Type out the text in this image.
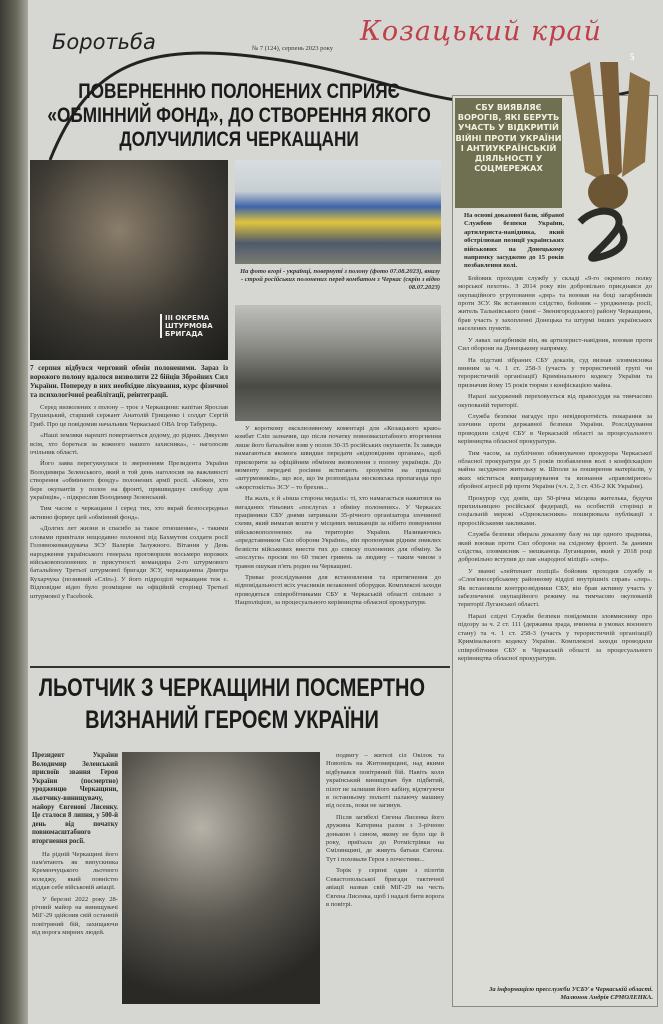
Боротьба	№ 7 (124), серпень 2023 року
Козацький край
5
ПОВЕРНЕННЮ ПОЛОНЕНИХ СПРИЯЄ «ОБМІННИЙ ФОНД», ДО СТВОРЕННЯ ЯКОГО ДОЛУЧИЛИСЯ ЧЕРКАЩАНИ
III ОКРЕМА ШТУРМОВА БРИГАДА
На фото вгорі - українці, повернуті з полону (фото 07.08.2023), внизу - строй російських полонених перед комбатом з Черкас (скрін з відео 08.07.2023)
7 серпня відбувся черговий обмін полоненими. Зараз із ворожого полону вдалося визволити 22 бійців Збройних Сил України. Попереду в них необхідне лікування, курс фізичної та психологічної реабілітації, реінтеграції.

Серед визволених з полону – троє з Черкащини: капітан Ярослав Грушецький, старший сержант Анатолій Грищенко і солдат Сергій Гриб. Про це повідомив начальник Черкаської ОВА Ігор Табурець.

«Наші земляки нарешті повертаються додому, до рідних. Дякуємо всім, хто бореться за кожного нашого захисника», - наголосив очільник області.

Його заява перегукнулася із зверненням Президента України Володимира Зеленського, який в той день наголосив на важливості створення «обмінного фонду» полонених армії росії. «Кожен, хто бере окупантів у полон на фронті, пришвидшує свободу для українців», - підкреслив Володимир Зеленський.

Тим часом є черкащани і серед тих, хто вкрай безпосередньо активно формує цей «обмінний фонд».

«Долгих лет жизни и спасибо за такое отношение», - такими словами привітали нещодавно полонені під Бахмутом солдати росії Головнокомандувача ЗСУ Валерія Залужного. Вітання у День народження українського генерала проговорили восьмеро ворожих військовополонених в присутності командира 2-го штурмового батальйону Третьої штурмової бригади ЗСУ, черкащанина Дмитра Кухарчука (позивний «Сліп»). У його підрозділі черкащани теж є. Відповідне відео було розміщене на офіційній сторінці Третьої штурмової у Facebook.

У короткому ексклюзивному коментарі для «Козацького краю» комбат Сліп зазначив, що після початку повномасштабного вторгнення лише його батальйон взяв у полон 30-35 російських окупантів. Їх завжди намагаються якомога швидше передати «відповідним органам», щоб прискорити за офіційним обміном визволення з полону українців. До моменту передачі росіяни встигають зрозуміти на прикладі «штурмовиків», що все, що їм розповідала московська пропаганда про «жорстокість» ЗСУ – то брехня...

На жаль, є й «інша сторона медалі»: ті, хто намагається нажитися на вигаданих тіньових «послугах з обміну полонених». У Черкасах працівники СБУ днями затримали 35-річного організатора злочинної схеми, який вимагав кошти у місцевих мешканців за нібито повернення військовополонених на територію України. Називаючись «представником Сил оборони України», він пропонував рідним зниклих безвісти військових внести тих до списку полонених для обміну. За «послуги» просив по 60 тисяч гривень за людину – таким чином з травня ошукав п'ять родин на Черкащині.

Триває розслідування для встановлення та притягнення до відповідальності всіх учасників незаконної оборудки. Комплексні заходи проводяться співробітниками СБУ в Черкаській області спільно з Нацполіцією, за процесуального керівництва обласної прокуратури.

ЛЬОТЧИК З ЧЕРКАЩИНИ ПОСМЕРТНО ВИЗНАНИЙ ГЕРОЄМ УКРАЇНИ
Президент України Володимир Зеленський присвоїв звання Героя України (посмертно) уродженцю Черкащини, льотчику-винищувачу, майору Євгенові Лисенку. Це сталося 8 липня, у 500-й день від початку повномасштабного вторгнення росії.

На рідній Черкащині його пам'ятають як випускника Кременчуцького льотного коледжу, який повністю віддав себе військовій авіації.

У березні 2022 року 28-річний майор на винищувачі МіГ-29 здійснив свій останній повітряний бій, захищаючи від ворога мирних людей.

подвигу – жителі сіл Окілок та Новопіль на Житомирщині, над якими відбувався повітряний бій. Навіть коли український винищувач був підбитий, пілот не залишив його кабіну, відтягуючи в останньому польоті палаючу машину від осель, поки не загинув.

Після загибелі Євгена Лисенка його дружина Катерина разом з 3-річною донькою і сином, якому не було ще й року, приїхала до Ротмістрівки на Смілянщині, де живуть батьки Євгена. Тут і поховали Героя з почестями...

Торік у серпні один з пілотів Севастопольської бригади тактичної авіації назвав свій МіГ-29 на честь Євгена Лисенка, щоб і надалі бити ворога в повітрі.

СБУ ВИЯВЛЯЄ ВОРОГІВ, ЯКІ БЕРУТЬ УЧАСТЬ У ВІДКРИТІЙ ВІЙНІ ПРОТИ УКРАЇНИ І АНТИУКРАЇНСЬКІЙ ДІЯЛЬНОСТІ У СОЦМЕРЕЖАХ
На основі доказової бази, зібраної Службою безпеки України, артилериста-навідника, який обстрілював позиції українських військових на Донецькому напрямку засуджено до 15 років позбавлення волі.

Бойовик проходив службу у складі «9-го окремого полку морської пехоти». З 2014 року він добровільно приєднався до окупаційного угруповання «днр» та воював на боці загарбників проти ЗСУ. Як встановило слідство, бойовик – уродженець росії, житель Тальнівського (нині – Звенигородського) району Черкащини, брав участь у захопленні Донецька та штурмі інших українських населених пунктів.

У лавах загарбників він, як артилерист-навідник, воював проти Сил оборони на Донецькому напрямку.

На підставі зібраних СБУ доказів, суд визнав зловмисника винним за ч. 1 ст. 258-3 (участь у терористичній групі чи терористичній організації) Кримінального кодексу України та призначив йому 15 років тюрми з конфіскацією майна.

Наразі засуджений переховується від правосуддя на тимчасово окупованій території.

Служба безпеки нагадує про невідворотність покарання за злочини проти державної безпеки України. Розслідування проводили слідчі СБУ в Черкаській області за процесуального керівництва обласної прокуратури.

Тим часом, за публічною обвинувачою прокурора Черкаської обласної прокуратури до 5 років позбавлення волі з конфіскацією майна засуджено жительку м. Шполи за поширення матеріалів, у яких міститься виправдовування та визнання «правомірною» збройної агресії рф проти України (ч.ч. 2, 3 ст. 436-2 КК України).

Прокурор суд довів, що 50-річна місцева жителька, будучи прихильницею російської федерації, на особистій сторінці в соціальній мережі «Однокласники» поширювала публікації з проросійськими закликами.

Служба безпеки збирала доказову базу на ще одного зрадника, який воював проти Сил оборони на східному фронті. За даними слідства, зловмисник – мешканець Луганщини, який у 2018 році добровільно вступив до лав «народної міліції» «лнр».

У званні «лейтенант поліції» бойовик проходив службу в «Слов'яносербському районному відділі внутрішніх справ» «лнр». Як встановили контррозвідники СБУ, він брав активну участь у забезпеченні окупаційного режиму на тимчасово окупованій території Луганської області.

Наразі слідчі Служби безпеки повідомили зловмиснику про підозру за ч. 2 ст. 111 (державна зрада, вчинена в умовах воєнного стану) та ч. 1 ст. 258-3 (участь у терористичній організації) Кримінального кодексу України. Комплексні заходи проводили співробітники СБУ в Черкаській області за процесуального керівництва обласної прокуратури.

За інформацією пресслужби УСБУ в Черкаській області.
Малюнок Андрія ЄРМОЛЕНКА.
